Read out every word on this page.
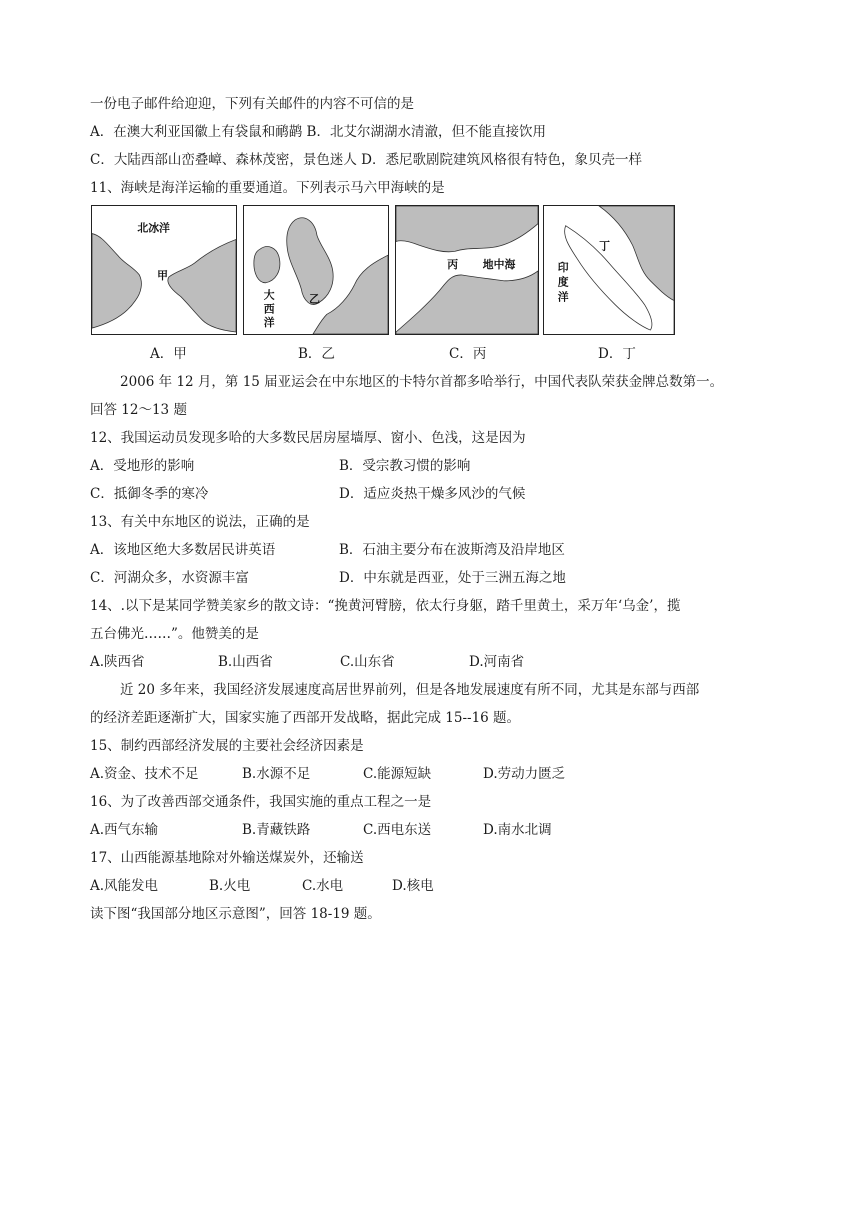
一份电子邮件给迎迎，下列有关邮件的内容不可信的是
A．在澳大利亚国徽上有袋鼠和鸸鹋 B．北艾尔湖湖水清澈，但不能直接饮用
C．大陆西部山峦叠嶂、森林茂密，景色迷人 D．悉尼歌剧院建筑风格很有特色，象贝壳一样
11、海峡是海洋运输的重要通道。下列表示马六甲海峡的是
北冰洋
甲
大
西
洋
乙
丙 地中海
丁
印
度
洋
A．甲	B．乙	C．丙	D．丁
2006 年 12 月，第 15 届亚运会在中东地区的卡特尔首都多哈举行，中国代表队荣获金牌总数第一。
回答 12～13 题
12、我国运动员发现多哈的大多数民居房屋墙厚、窗小、色浅，这是因为
A．受地形的影响	B．受宗教习惯的影响
C．抵御冬季的寒冷	D．适应炎热干燥多风沙的气候
13、有关中东地区的说法，正确的是
A．该地区绝大多数居民讲英语	B．石油主要分布在波斯湾及沿岸地区
C．河湖众多，水资源丰富	D．中东就是西亚，处于三洲五海之地
14、.以下是某同学赞美家乡的散文诗：“挽黄河臂膀，依太行身躯，踏千里黄土，采万年‘乌金’，揽
五台佛光……”。他赞美的是
A.陕西省	B.山西省	C.山东省	D.河南省
近 20 多年来，我国经济发展速度高居世界前列，但是各地发展速度有所不同，尤其是东部与西部
的经济差距逐渐扩大，国家实施了西部开发战略，据此完成 15--16 题。
15、制约西部经济发展的主要社会经济因素是
A.资金、技术不足	B.水源不足	C.能源短缺	D.劳动力匮乏
16、为了改善西部交通条件，我国实施的重点工程之一是
A.西气东输	B.青藏铁路	C.西电东送	D.南水北调
17、山西能源基地除对外输送煤炭外，还输送
A.风能发电	B.火电	C.水电	D.核电
读下图“我国部分地区示意图”，回答 18-19 题。
